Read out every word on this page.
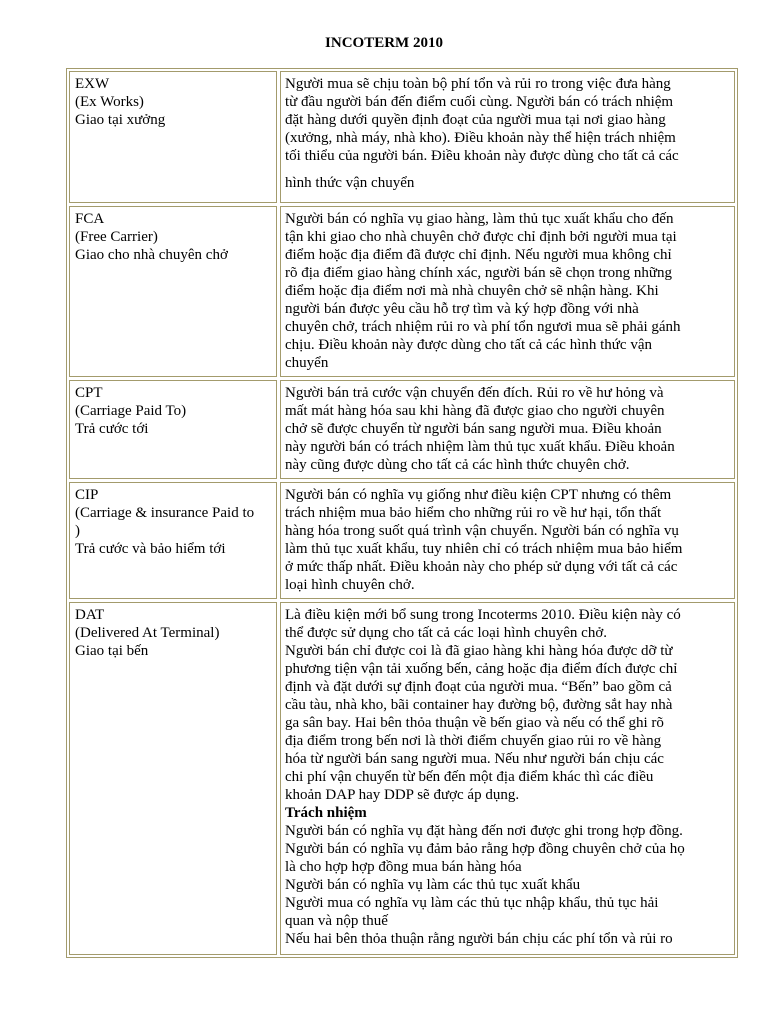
INCOTERM 2010
EXW
(Ex Works)
Giao tại xưởng
Người mua sẽ chịu toàn bộ phí tổn và rủi ro trong việc đưa hàng
từ đầu người bán đến điểm cuối cùng. Người bán có trách nhiệm
đặt hàng dưới quyền định đoạt của người mua tại nơi giao hàng
(xưởng, nhà máy, nhà kho). Điều khoản này thể hiện trách nhiệm
tối thiểu của người bán. Điều khoản này được dùng cho tất cả các
hình thức vận chuyển
FCA
(Free Carrier)
Giao cho nhà chuyên chở
Người bán có nghĩa vụ giao hàng, làm thủ tục xuất khẩu cho đến
tận khi giao cho nhà chuyên chở được chỉ định bởi người mua tại
điểm hoặc địa điểm đã được chỉ định. Nếu người mua không chỉ
rõ địa điểm giao hàng chính xác, người bán sẽ chọn trong những
điểm hoặc địa điểm nơi mà nhà chuyên chở sẽ nhận hàng. Khi
người bán được yêu cầu hỗ trợ tìm và ký hợp đồng với nhà
chuyên chở, trách nhiệm rủi ro và phí tổn ngươi mua sẽ phải gánh
chịu. Điều khoản này được dùng cho tất cả các hình thức vận
chuyển
CPT
(Carriage Paid To)
Trả cước tới
Người bán trả cước vận chuyển đến đích. Rủi ro về hư hỏng và
mất mát hàng hóa sau khi hàng đã được giao cho người chuyên
chở sẽ được chuyển từ người bán sang người mua. Điều khoản
này người bán có trách nhiệm làm thủ tục xuất khẩu. Điều khoản
này cũng được dùng cho tất cả các hình thức chuyên chở.
CIP
(Carriage & insurance Paid to
)
Trả cước và bảo hiểm tới
Người bán có nghĩa vụ giống như điều kiện CPT nhưng có thêm
trách nhiệm mua bảo hiểm cho những rủi ro về hư hại, tổn thất
hàng hóa trong suốt quá trình vận chuyển. Người bán có nghĩa vụ
làm thủ tục xuất khẩu, tuy nhiên chỉ có trách nhiệm mua bảo hiểm
ở mức thấp nhất. Điều khoản này cho phép sử dụng với tất cả các
loại hình chuyên chở.
DAT
(Delivered At Terminal)
Giao tại bến
Là điều kiện mới bổ sung trong Incoterms 2010. Điều kiện này có
thể được sử dụng cho tất cả các loại hình chuyên chở.
Người bán chỉ được coi là đã giao hàng khi hàng hóa được dỡ từ
phương tiện vận tải xuống bến, cảng hoặc địa điểm đích được chỉ
định và đặt dưới sự định đoạt của người mua. “Bến” bao gồm cả
cầu tàu, nhà kho, bãi container hay đường bộ, đường sắt hay nhà
ga sân bay. Hai bên thỏa thuận về bến giao và nếu có thể ghi rõ
địa điểm trong bến nơi là thời điểm chuyển giao rủi ro về hàng
hóa từ người bán sang người mua. Nếu như người bán chịu các
chi phí vận chuyển từ bến đến một địa điểm khác thì các điều
khoản DAP hay DDP sẽ được áp dụng.
Trách nhiệm
Người bán có nghĩa vụ đặt hàng đến nơi được ghi trong hợp đồng.
Người bán có nghĩa vụ đảm bảo rằng hợp đồng chuyên chở của họ
là cho hợp hợp đồng mua bán hàng hóa
Người bán có nghĩa vụ làm các thủ tục xuất khẩu
Người mua có nghĩa vụ làm các thủ tục nhập khẩu, thủ tục hải
quan và nộp thuế
Nếu hai bên thỏa thuận rằng người bán chịu các phí tổn và rủi ro
